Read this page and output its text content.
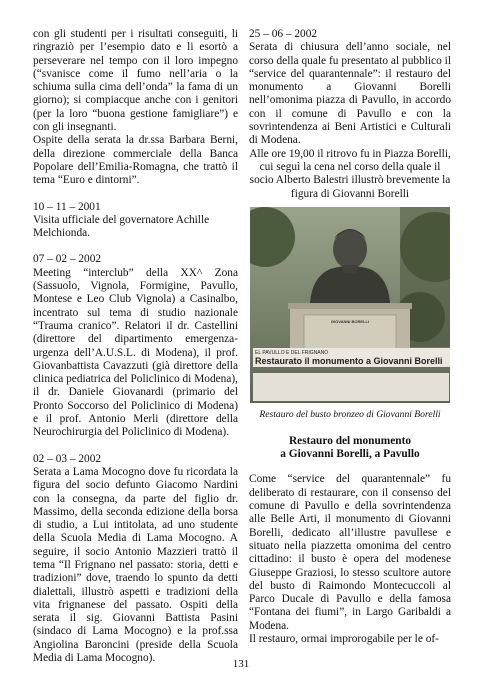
con gli studenti per i risultati conseguiti, li ringraziò per l’esempio dato e li esortò a perseverare nel tempo con il loro impegno (“svanisce come il fumo nell’aria o la schiuma sulla cima dell’onda” la fama di un giorno); si compiacque anche con i genitori (per la loro “buona gestione famigliare”) e con gli insegnanti.

Ospite della serata la dr.ssa Barbara Berni, della direzione commerciale della Banca Popolare dell’Emilia-Romagna, che trattò il tema “Euro e dintorni”.

10 – 11 – 2001

Visita ufficiale del governatore Achille Melchionda.

07 – 02 – 2002

Meeting “interclub” della XX^ Zona (Sassuolo, Vignola, Formigine, Pavullo, Montese e Leo Club Vignola) a Casinalbo, incentrato sul tema di studio nazionale “Trauma cranico”. Relatori il dr. Castellini (direttore del dipartimento emergenza-urgenza dell’A.U.S.L. di Modena), il prof. Giovanbattista Cavazzuti (già direttore della clinica pediatrica del Policlinico di Modena), il dr. Daniele Giovanardi (primario del Pronto Soccorso del Policlinico di Modena) e il prof. Antonio Merli (direttore della Neurochirurgia del Policlinico di Modena).

02 – 03 – 2002

Serata a Lama Mocogno dove fu ricordata la figura del socio defunto Giacomo Nardini con la consegna, da parte del figlio dr. Massimo, della seconda edizione della borsa di studio, a Lui intitolata, ad uno studente della Scuola Media di Lama Mocogno. A seguire, il socio Antonio Mazzieri trattò il tema “Il Frignano nel passato: storia, detti e tradizioni” dove, traendo lo spunto da detti dialettali, illustrò aspetti e tradizioni della vita frignanese del passato. Ospiti della serata il sig. Giovanni Battista Pasini (sindaco di Lama Mocogno) e la prof.ssa Angiolina Baroncini (preside della Scuola Media di Lama Mocogno).

25 – 06 – 2002

Serata di chiusura dell’anno sociale, nel corso della quale fu presentato al pubblico il “service del quarantennale”: il restauro del monumento a Giovanni Borelli nell’omonima piazza di Pavullo, in accordo con il comune di Pavullo e con la sovrintendenza ai Beni Artistici e Culturali di Modena.

Alle ore 19,00 il ritrovo fu in Piazza Borelli, cui seguì la cena nel corso della quale il socio Alberto Balestri illustrò brevemente la figura di Giovanni Borelli

GIOVANNI BORELLI
EL PAVULLO E DEL FRIGNANO
Restaurato il monumento a Giovanni Borelli

Restauro del busto bronzeo di Giovanni Borelli

Restauro del monumento
a Giovanni Borelli, a Pavullo

Come “service del quarantennale” fu deliberato di restaurare, con il consenso del comune di Pavullo e della sovrintendenza alle Belle Arti, il monumento di Giovanni Borelli, dedicato all’illustre pavullese e situato nella piazzetta omonima del centro cittadino: il busto è opera del modenese Giuseppe Graziosi, lo stesso scultore autore del busto di Raimondo Montecuccoli al Parco Ducale di Pavullo e della famosa “Fontana dei fiumi”, in Largo Garibaldi a Modena.

Il restauro, ormai improrogabile per le of-

131
